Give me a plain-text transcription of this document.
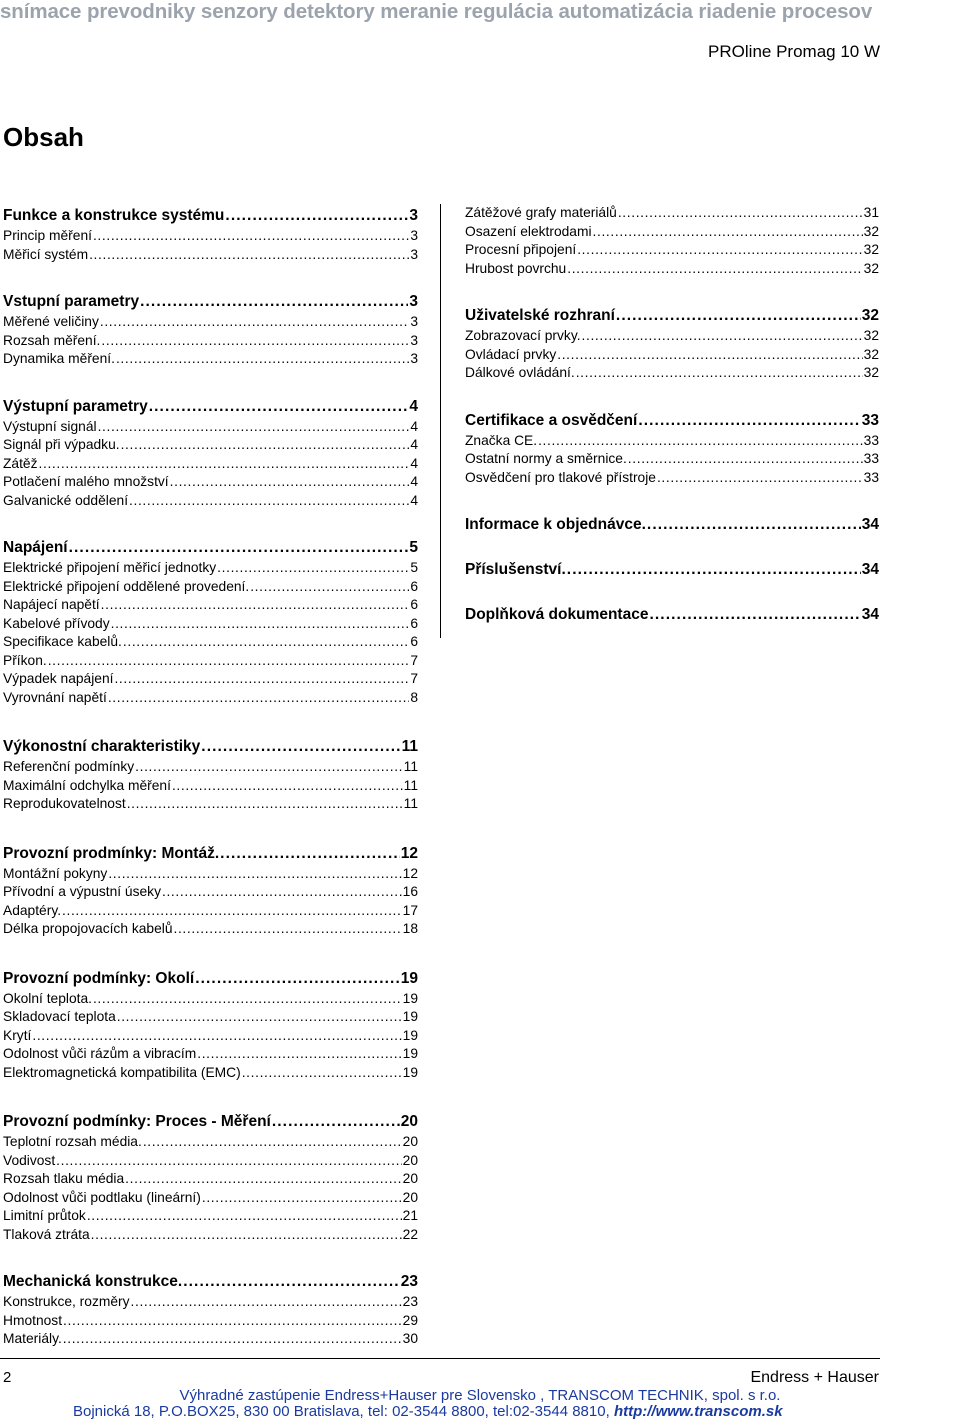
snímace prevodniky senzory detektory meranie regulácia automatizácia riadenie procesov
PROline Promag 10 W
Obsah
Funkce a konstrukce systému . . .	3
Princip měření . . .	3
Měřicí systém . . .	3
Vstupní parametry . . .	3
Měřené veličiny . . .	3
Rozsah měření. . . .	3
Dynamika měření. . . .	3
Výstupní parametry . . .	4
Výstupní signál . . .	4
Signál při výpadku. . . .	4
Zátěž . . .	4
Potlačení malého množství . . .	4
Galvanické oddělení . . .	4
Napájení . . .	5
Elektrické připojení měřicí jednotky . . .	5
Elektrické připojení oddělené provedení. . . .	6
Napájecí napětí . . .	6
Kabelové přívody . . .	6
Specifikace kabelů. . . .	6
Příkon. . . .	7
Výpadek napájení . . .	7
Vyrovnání napětí . . .	8
Výkonostní charakteristiky . . .	11
Referenční podmínky . . .	11
Maximální odchylka měření . . .	11
Reprodukovatelnost . . .	11
Provozní prodmínky: Montáž. . . .	12
Montážní pokyny . . .	12
Přívodní a výpustní úseky . . .	16
Adaptéry. . . .	17
Délka propojovacích kabelů . . .	18
Provozní podmínky: Okolí . . .	19
Okolní teplota. . . .	19
Skladovací teplota . . .	19
Krytí . . .	19
Odolnost vůči rázům a vibracím . . .	19
Elektromagnetická kompatibilita (EMC) . . .	19
Provozní podmínky: Proces - Měření . . .	20
Teplotní rozsah média. . . .	20
Vodivost . . .	20
Rozsah tlaku média . . .	20
Odolnost vůči podtlaku (lineární) . . .	20
Limitní průtok . . .	21
Tlaková ztráta . . .	22
Mechanická konstrukce. . . .	23
Konstrukce, rozměry . . .	23
Hmotnost . . .	29
Materiály. . . .	30
Zátěžové grafy materiálů . . .	31
Osazení elektrodami . . .	32
Procesní připojení . . .	32
Hrubost povrchu . . .	32
Uživatelské rozhraní . . .	32
Zobrazovací prvky. . . .	32
Ovládací prvky . . .	32
Dálkové ovládání. . . .	32
Certifikace a osvědčení . . .	33
Značka CE. . . .	33
Ostatní normy a směrnice. . . .	33
Osvědčení pro tlakové přístroje . . .	33
Informace k objednávce. . . .	34
Příslušenství. . . .	34
Doplňková dokumentace . . .	34
2	Endress + Hauser
Výhradné zastúpenie Endress+Hauser pre Slovensko , TRANSCOM TECHNIK, spol. s r.o.
Bojnická 18, P.O.BOX25, 830 00 Bratislava, tel: 02-3544 8800, tel:02-3544 8810, http://www.transcom.sk
